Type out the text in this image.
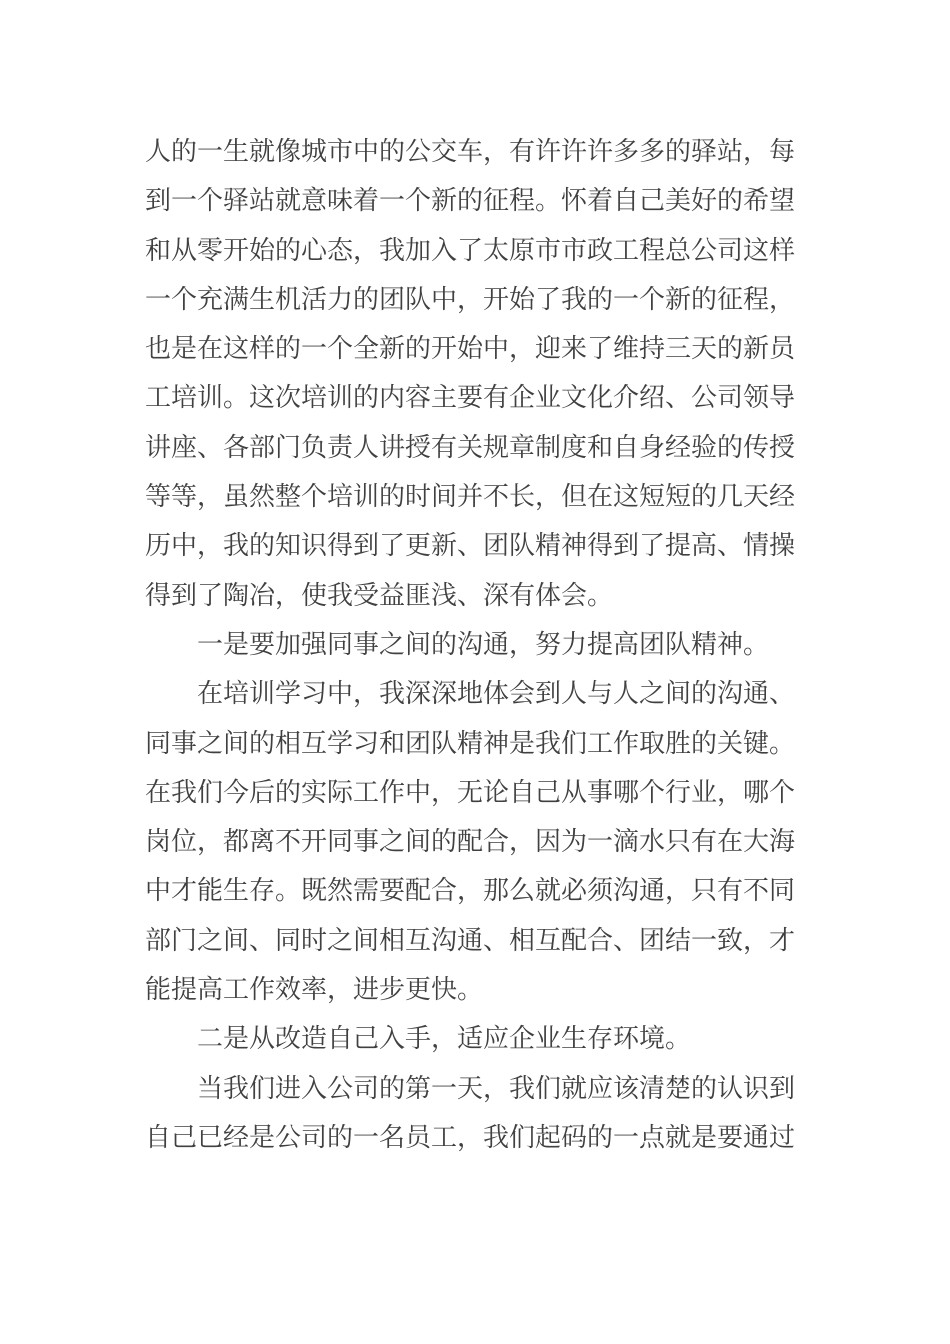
人的一生就像城市中的公交车，有许许许多多的驿站，每
到一个驿站就意味着一个新的征程。怀着自己美好的希望
和从零开始的心态，我加入了太原市市政工程总公司这样
一个充满生机活力的团队中，开始了我的一个新的征程，
也是在这样的一个全新的开始中，迎来了维持三天的新员
工培训。这次培训的内容主要有企业文化介绍、公司领导
讲座、各部门负责人讲授有关规章制度和自身经验的传授
等等，虽然整个培训的时间并不长，但在这短短的几天经
历中，我的知识得到了更新、团队精神得到了提高、情操
得到了陶冶，使我受益匪浅、深有体会。
一是要加强同事之间的沟通，努力提高团队精神。
在培训学习中，我深深地体会到人与人之间的沟通、
同事之间的相互学习和团队精神是我们工作取胜的关键。
在我们今后的实际工作中，无论自己从事哪个行业，哪个
岗位，都离不开同事之间的配合，因为一滴水只有在大海
中才能生存。既然需要配合，那么就必须沟通，只有不同
部门之间、同时之间相互沟通、相互配合、团结一致，才
能提高工作效率，进步更快。
二是从改造自己入手，适应企业生存环境。
当我们进入公司的第一天，我们就应该清楚的认识到
自己已经是公司的一名员工，我们起码的一点就是要通过
